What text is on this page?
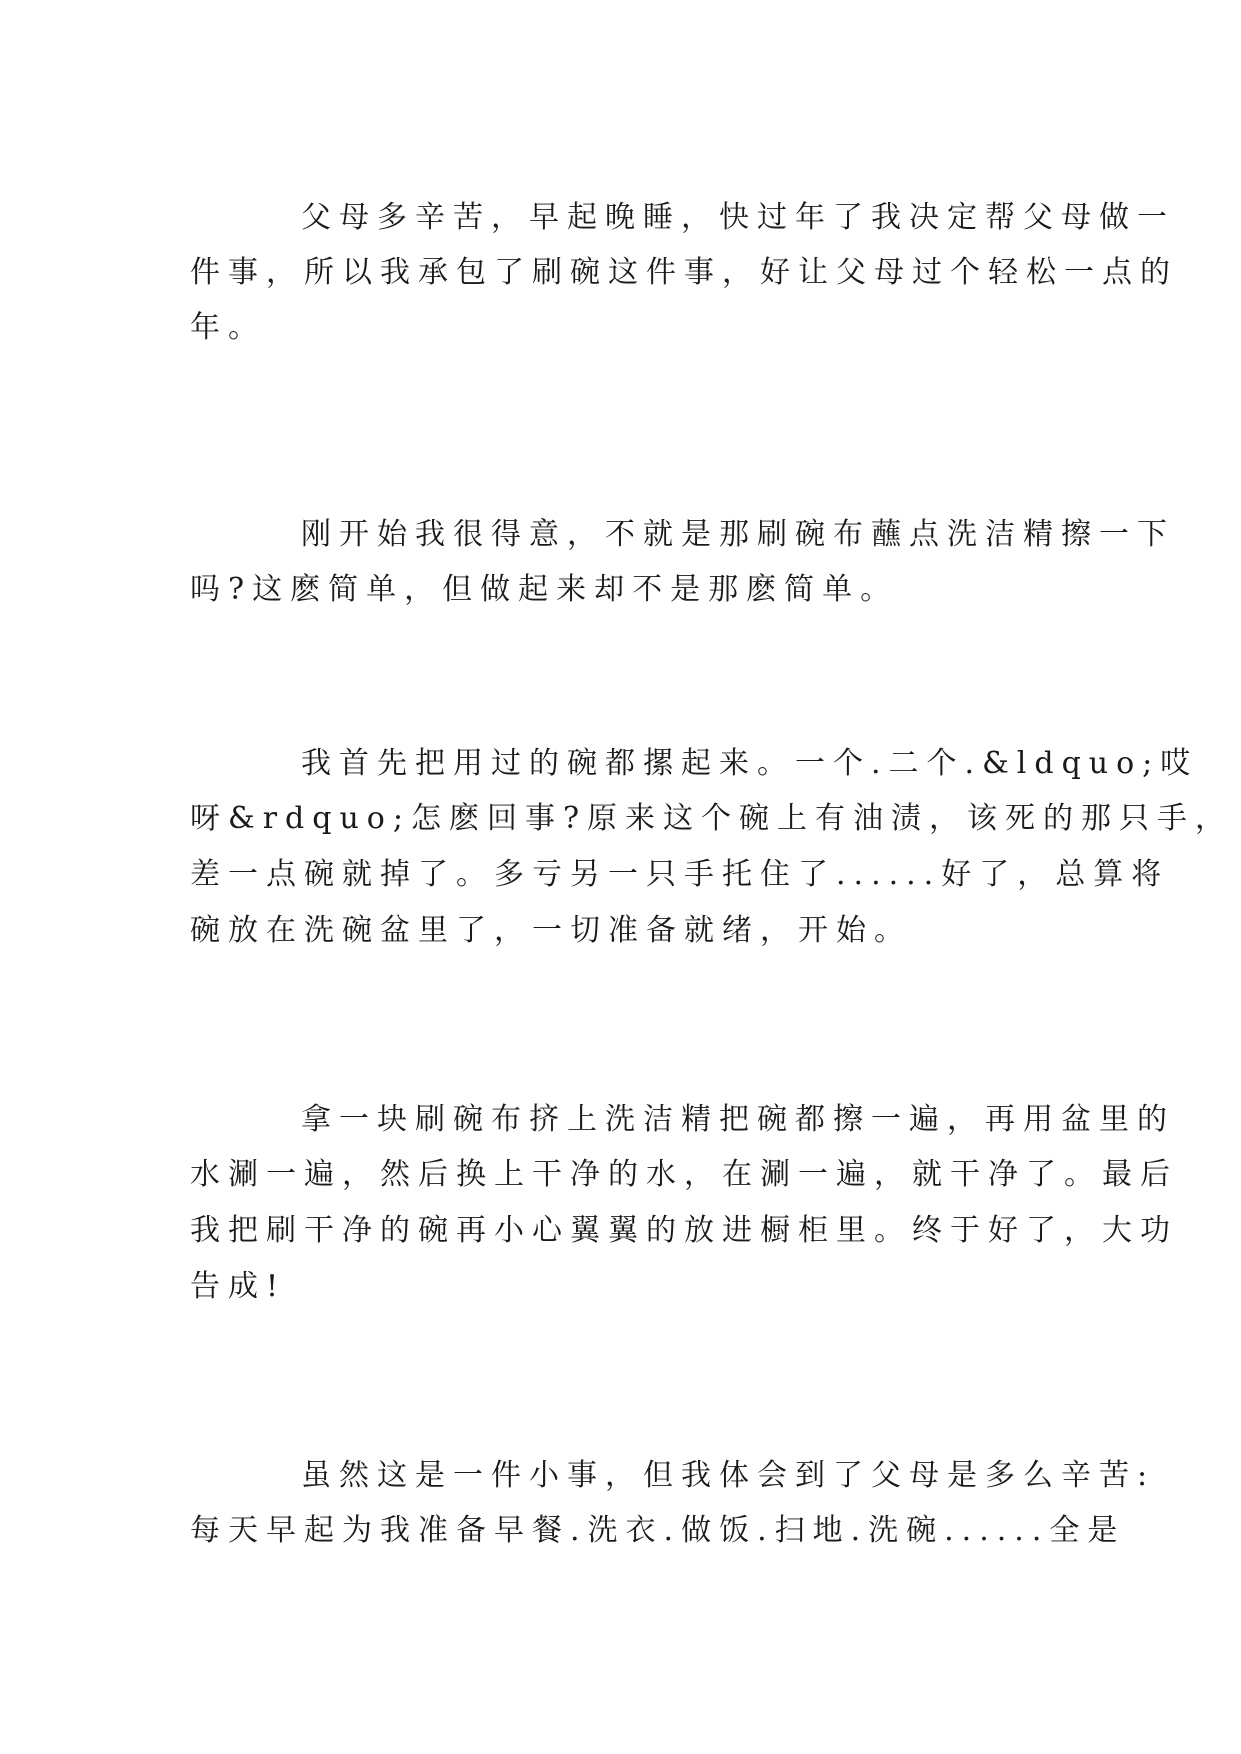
父母多辛苦，早起晚睡，快过年了我决定帮父母做一
件事，所以我承包了刷碗这件事，好让父母过个轻松一点的
年。
刚开始我很得意，不就是那刷碗布蘸点洗洁精擦一下
吗?这麽简单，但做起来却不是那麽简单。
我首先把用过的碗都摞起来。一个.二个.&ldquo;哎
呀&rdquo;怎麽回事?原来这个碗上有油渍，该死的那只手，
差一点碗就掉了。多亏另一只手托住了......好了，总算将
碗放在洗碗盆里了，一切准备就绪，开始。
拿一块刷碗布挤上洗洁精把碗都擦一遍，再用盆里的
水涮一遍，然后换上干净的水，在涮一遍，就干净了。最后
我把刷干净的碗再小心翼翼的放进橱柜里。终于好了，大功
告成!
虽然这是一件小事，但我体会到了父母是多么辛苦:
每天早起为我准备早餐.洗衣.做饭.扫地.洗碗......全是
